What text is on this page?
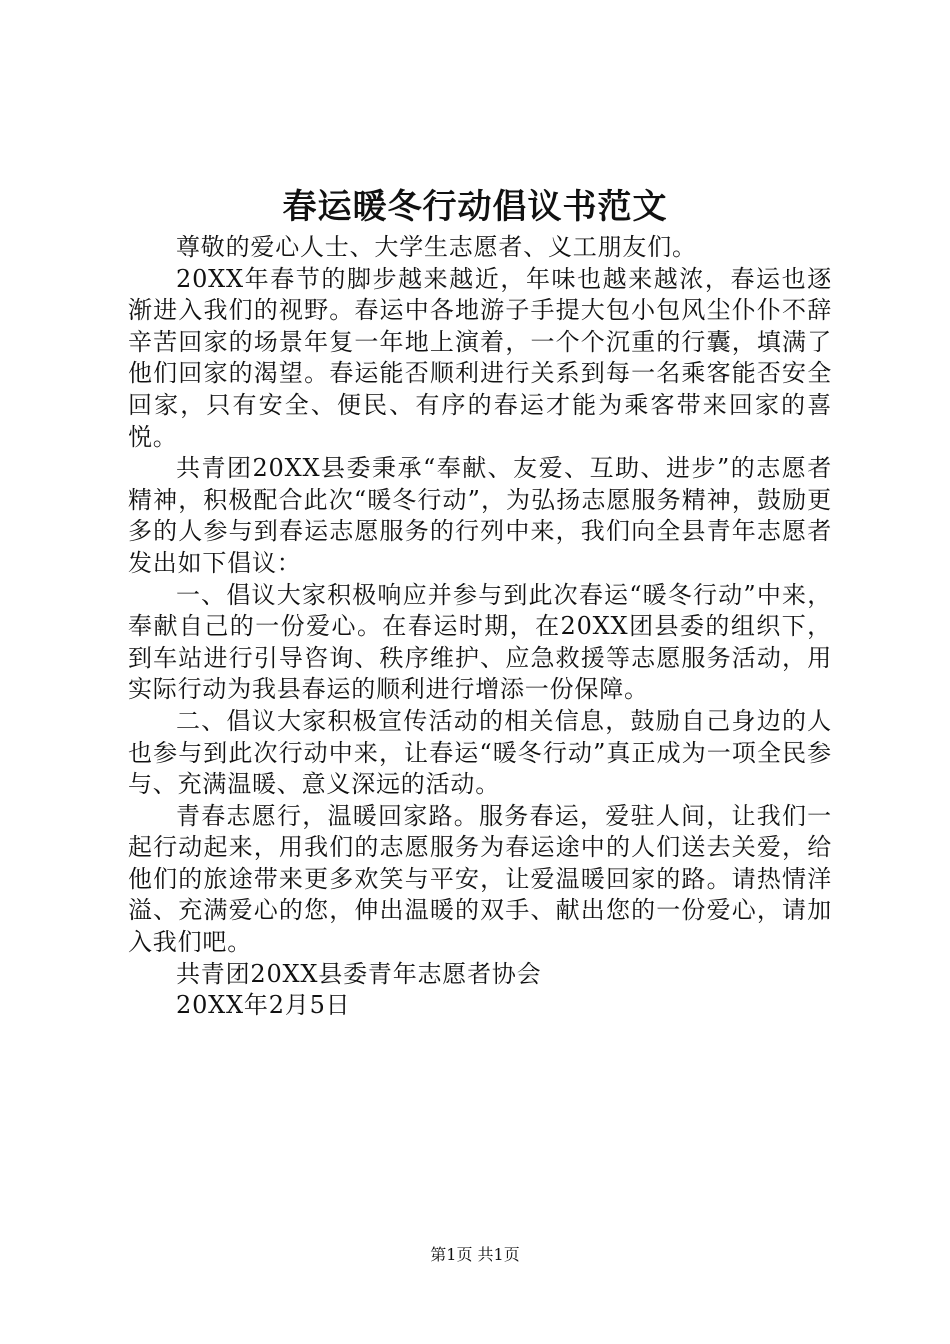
春运暖冬行动倡议书范文

尊敬的爱心人士、大学生志愿者、义工朋友们。

20XX年春节的脚步越来越近，年味也越来越浓，春运也逐渐进入我们的视野。春运中各地游子手提大包小包风尘仆仆不辞辛苦回家的场景年复一年地上演着，一个个沉重的行囊，填满了他们回家的渴望。春运能否顺利进行关系到每一名乘客能否安全回家，只有安全、便民、有序的春运才能为乘客带来回家的喜悦。

共青团20XX县委秉承“奉献、友爱、互助、进步”的志愿者精神，积极配合此次“暖冬行动”，为弘扬志愿服务精神，鼓励更多的人参与到春运志愿服务的行列中来，我们向全县青年志愿者发出如下倡议：

一、倡议大家积极响应并参与到此次春运“暖冬行动”中来，奉献自己的一份爱心。在春运时期，在20XX团县委的组织下，到车站进行引导咨询、秩序维护、应急救援等志愿服务活动，用实际行动为我县春运的顺利进行增添一份保障。

二、倡议大家积极宣传活动的相关信息，鼓励自己身边的人也参与到此次行动中来，让春运“暖冬行动”真正成为一项全民参与、充满温暖、意义深远的活动。

青春志愿行，温暖回家路。服务春运，爱驻人间，让我们一起行动起来，用我们的志愿服务为春运途中的人们送去关爱，给他们的旅途带来更多欢笑与平安，让爱温暖回家的路。请热情洋溢、充满爱心的您，伸出温暖的双手、献出您的一份爱心，请加入我们吧。

共青团20XX县委青年志愿者协会

20XX年2月5日

第1页 共1页
